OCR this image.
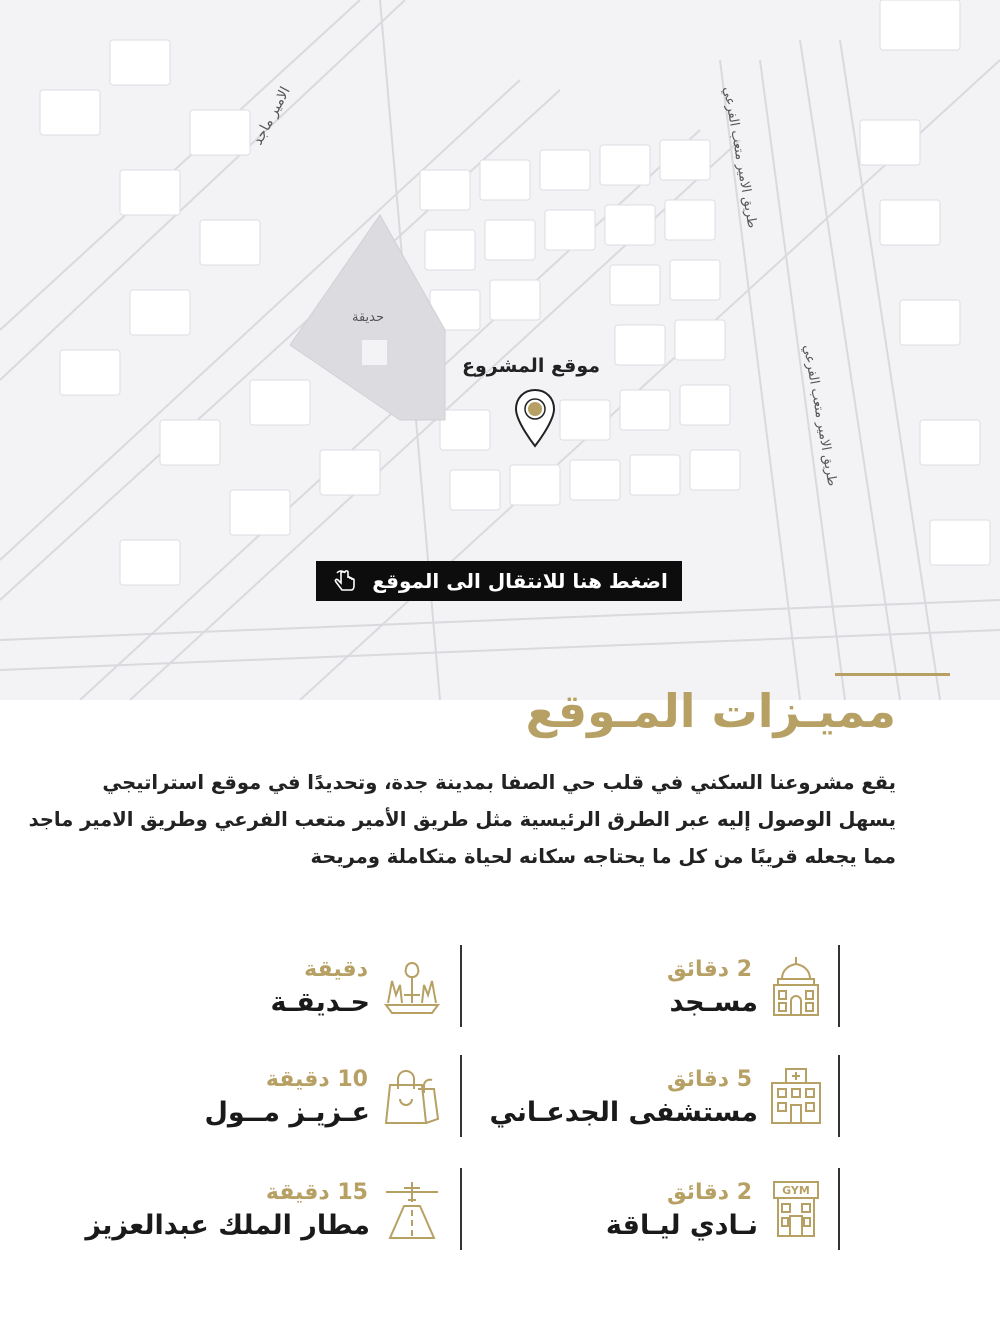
الامير ماجد	طريق الامير متعب الفرعي
طريق الامير متعب الفرعي
حديقة
موقع المشروع
اضغط هنا للانتقال الى الموقع
مميـزات المـوقع
يقع مشروعنا السكني في قلب حي الصفا بمدينة جدة، وتحديدًا في موقع استراتيجي
يسهل الوصول إليه عبر الطرق الرئيسية مثل طريق الأمير متعب الفرعي وطريق الامير ماجد
مما يجعله قريبًا من كل ما يحتاجه سكانه لحياة متكاملة ومريحة
2 دقائق
مسـجد
دقيقة
حـديقـة
5 دقائق
مستشفى الجدعـاني
10 دقيقة
عـزيـز مــول
GYM
2 دقائق
نـادي ليـاقة
15 دقيقة
مطار الملك عبدالعزيز
